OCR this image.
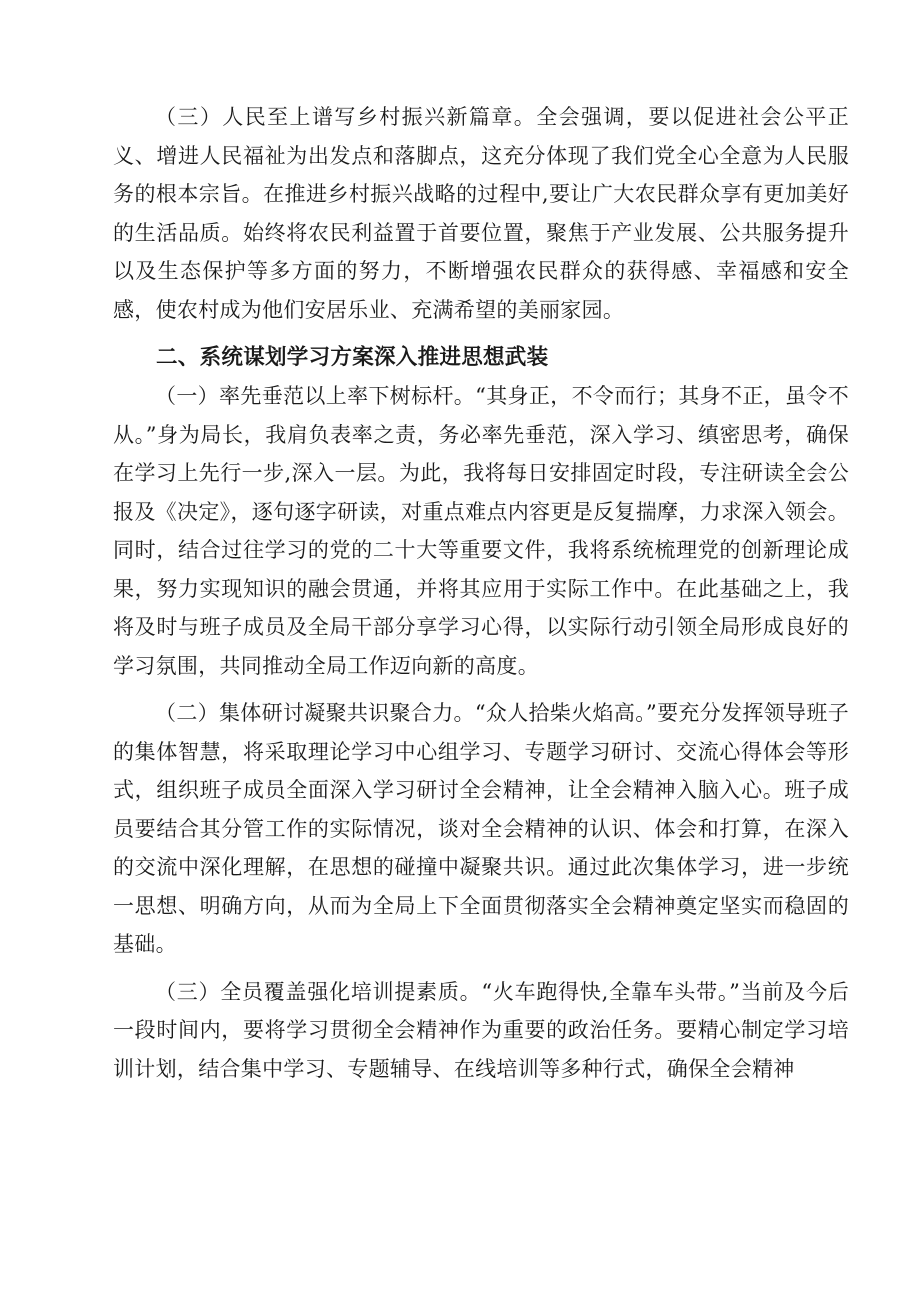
（三）人民至上谱写乡村振兴新篇章。全会强调，要以促进社会公平正义、增进人民福祉为出发点和落脚点，这充分体现了我们党全心全意为人民服务的根本宗旨。在推进乡村振兴战略的过程中,要让广大农民群众享有更加美好的生活品质。始终将农民利益置于首要位置，聚焦于产业发展、公共服务提升以及生态保护等多方面的努力，不断增强农民群众的获得感、幸福感和安全感，使农村成为他们安居乐业、充满希望的美丽家园。

二、系统谋划学习方案深入推进思想武装

（一）率先垂范以上率下树标杆。“其身正，不令而行；其身不正，虽令不从。”身为局长，我肩负表率之责，务必率先垂范，深入学习、缜密思考，确保在学习上先行一步,深入一层。为此，我将每日安排固定时段，专注研读全会公报及《决定》，逐句逐字研读，对重点难点内容更是反复揣摩，力求深入领会。同时，结合过往学习的党的二十大等重要文件，我将系统梳理党的创新理论成果，努力实现知识的融会贯通，并将其应用于实际工作中。在此基础之上，我将及时与班子成员及全局干部分享学习心得，以实际行动引领全局形成良好的学习氛围，共同推动全局工作迈向新的高度。

（二）集体研讨凝聚共识聚合力。“众人拾柴火焰高。”要充分发挥领导班子的集体智慧，将采取理论学习中心组学习、专题学习研讨、交流心得体会等形式，组织班子成员全面深入学习研讨全会精神，让全会精神入脑入心。班子成员要结合其分管工作的实际情况，谈对全会精神的认识、体会和打算，在深入的交流中深化理解，在思想的碰撞中凝聚共识。通过此次集体学习，进一步统一思想、明确方向，从而为全局上下全面贯彻落实全会精神奠定坚实而稳固的基础。

（三）全员覆盖强化培训提素质。“火车跑得快,全靠车头带。”当前及今后一段时间内，要将学习贯彻全会精神作为重要的政治任务。要精心制定学习培训计划，结合集中学习、专题辅导、在线培训等多种行式，确保全会精神
